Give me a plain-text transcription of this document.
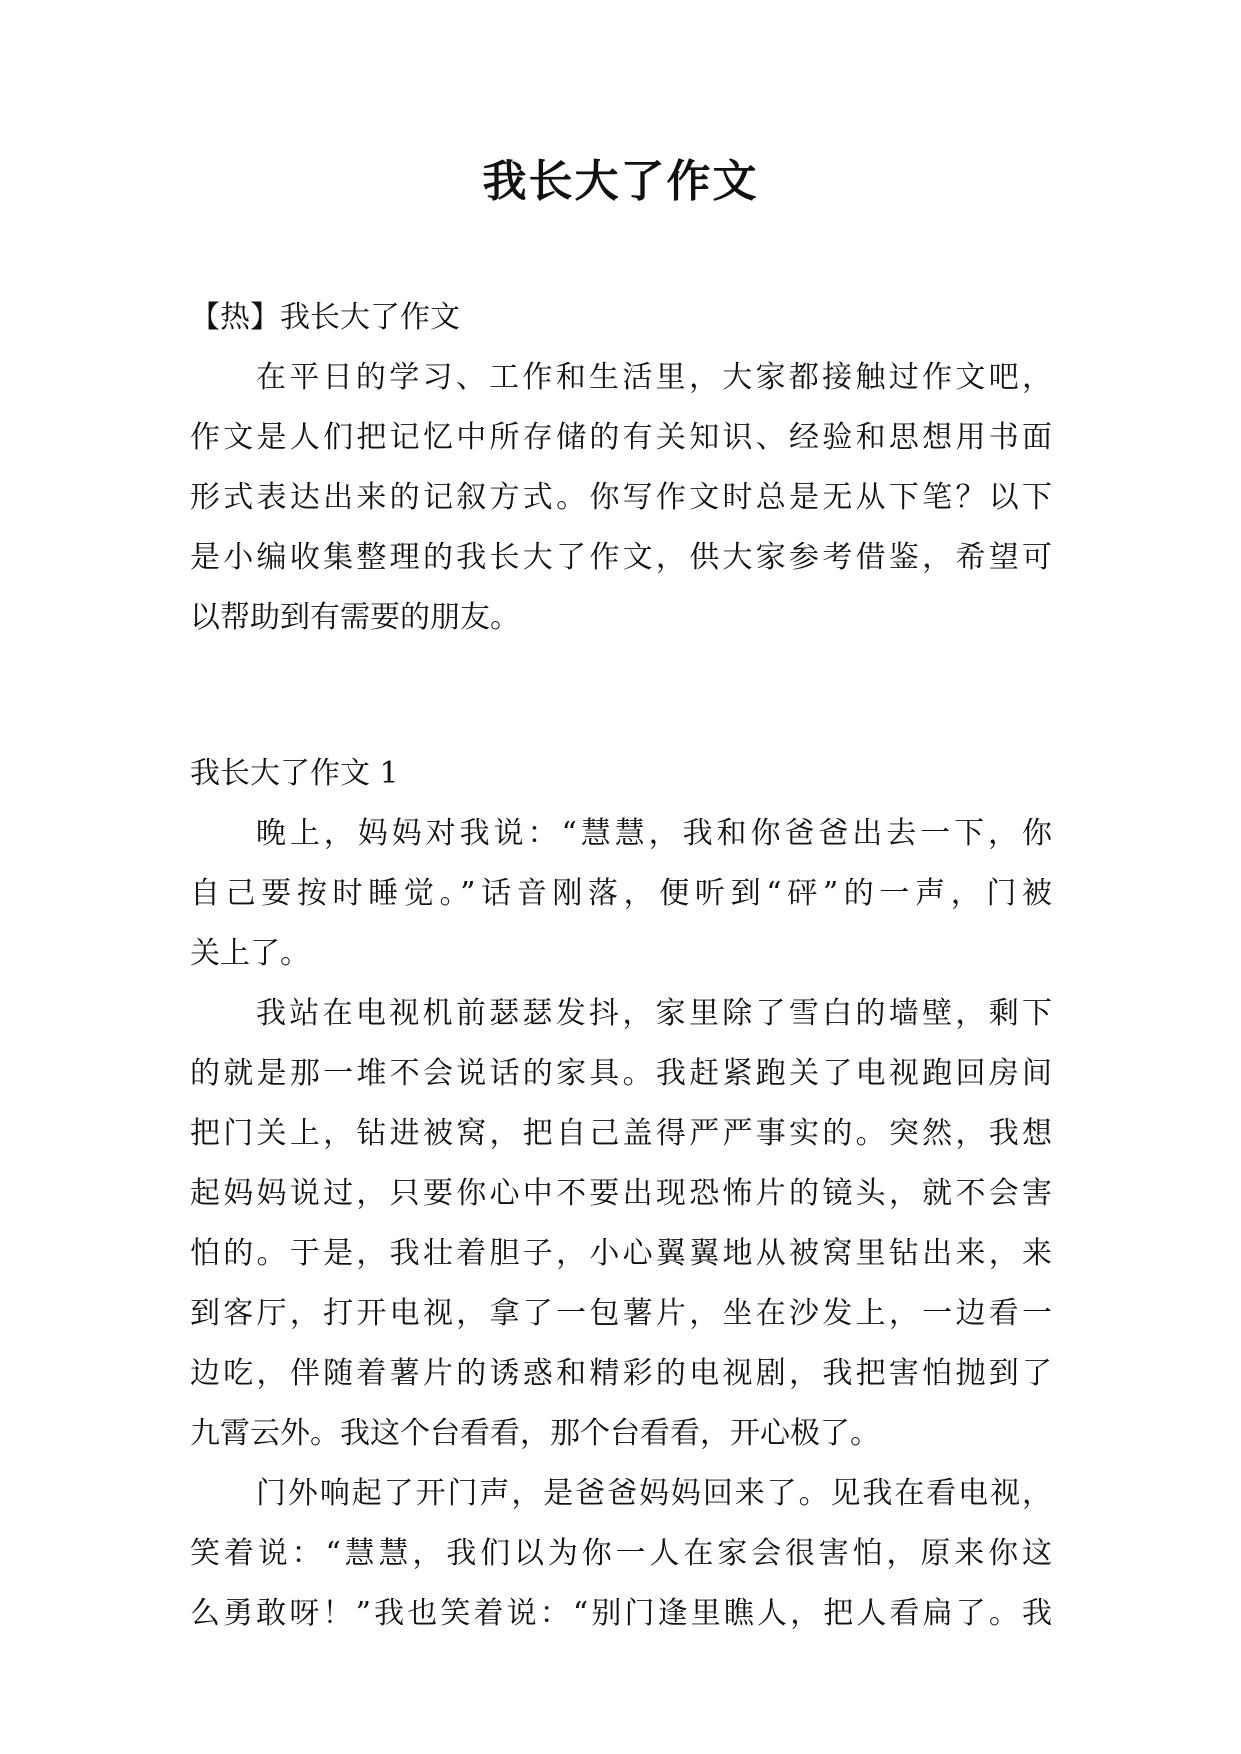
我长大了作文
【热】我长大了作文
在平日的学习、工作和生活里，大家都接触过作文吧，
作文是人们把记忆中所存储的有关知识、经验和思想用书面
形式表达出来的记叙方式。你写作文时总是无从下笔？以下
是小编收集整理的我长大了作文，供大家参考借鉴，希望可
以帮助到有需要的朋友。
我长大了作文 1
晚上，妈妈对我说：“慧慧，我和你爸爸出去一下，你
自己要按时睡觉。”话音刚落，便听到“砰”的一声，门被
关上了。
我站在电视机前瑟瑟发抖，家里除了雪白的墙壁，剩下
的就是那一堆不会说话的家具。我赶紧跑关了电视跑回房间
把门关上，钻进被窝，把自己盖得严严事实的。突然，我想
起妈妈说过，只要你心中不要出现恐怖片的镜头，就不会害
怕的。于是，我壮着胆子，小心翼翼地从被窝里钻出来，来
到客厅，打开电视，拿了一包薯片，坐在沙发上，一边看一
边吃，伴随着薯片的诱惑和精彩的电视剧，我把害怕抛到了
九霄云外。我这个台看看，那个台看看，开心极了。
门外响起了开门声，是爸爸妈妈回来了。见我在看电视，
笑着说：“慧慧，我们以为你一人在家会很害怕，原来你这
么勇敢呀！”我也笑着说：“别门逢里瞧人，把人看扁了。我
